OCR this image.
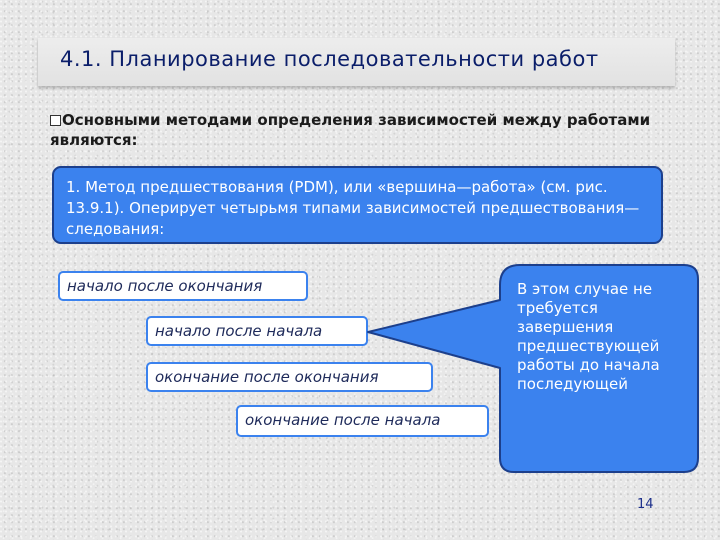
4.1. Планирование последовательности работ
Основными методами определения зависимостей между работами являются:
1. Метод предшествования (PDM), или «вершина—работа» (см. рис. 13.9.1). Оперирует четырьмя типами зависимостей предшествования—следования:
начало после окончания
начало после начала
окончание после окончания
окончание после начала
В этом случае не требуется завершения предшествующей работы до начала последующей
14
